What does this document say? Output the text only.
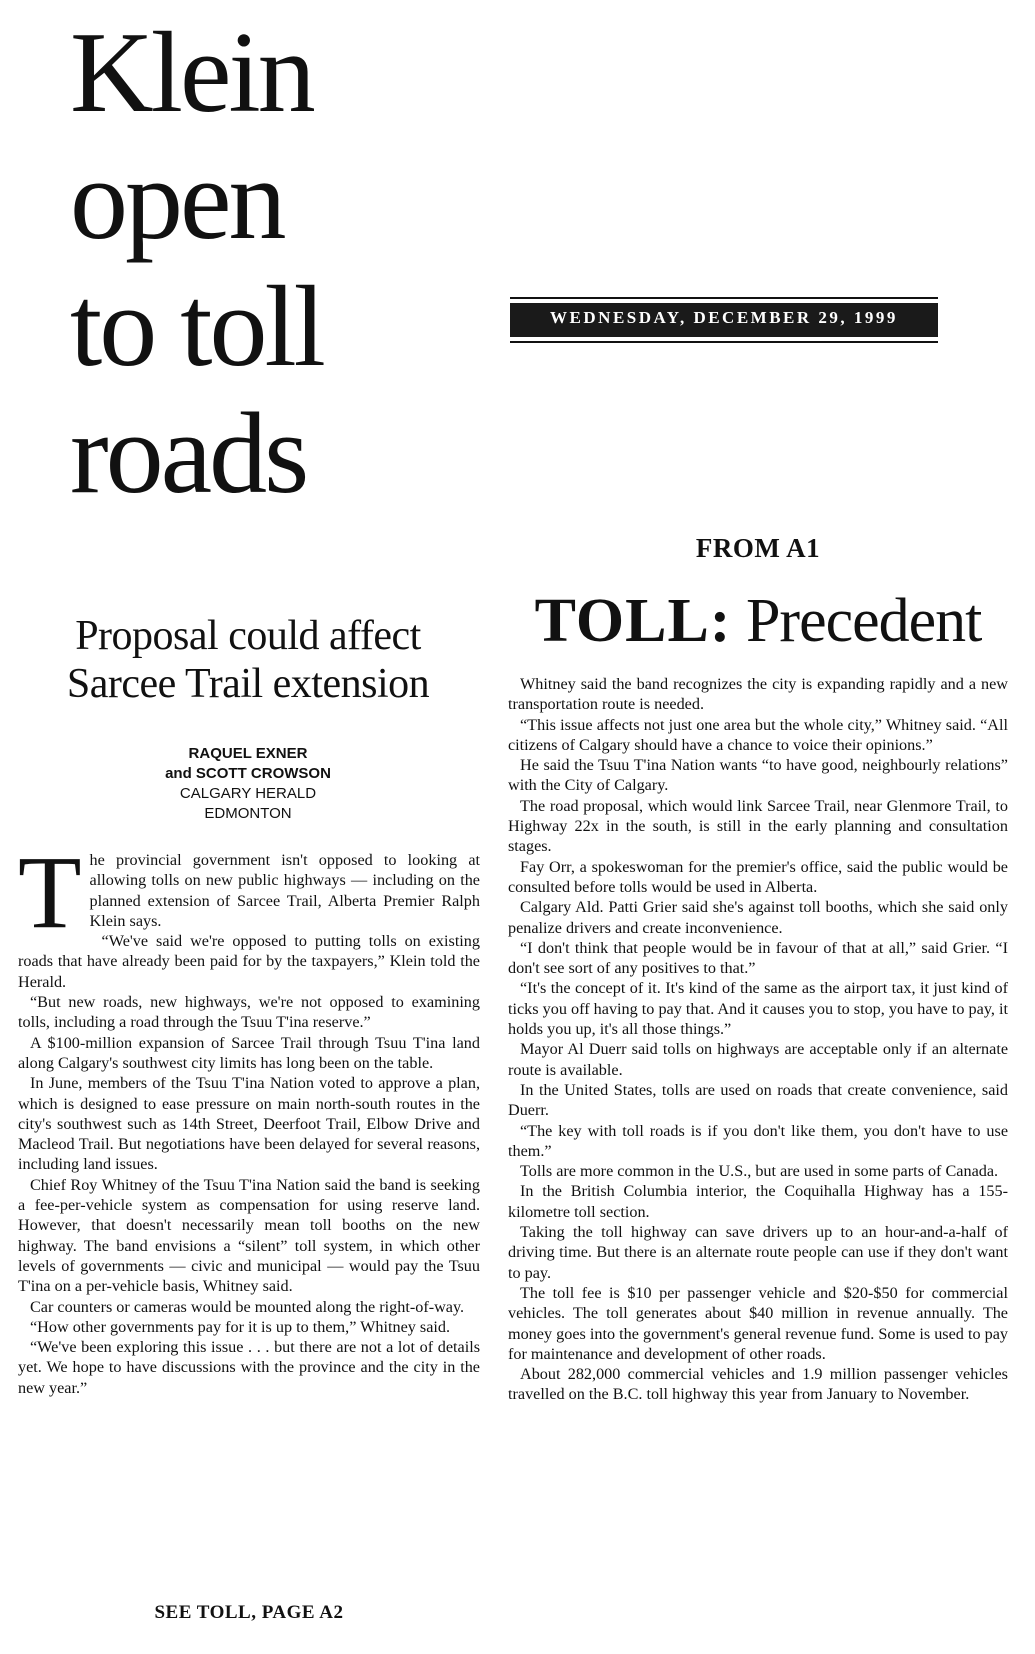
Klein
open
to toll
roads
Proposal could affect
Sarcee Trail extension
RAQUEL EXNER
and SCOTT CROWSON
CALGARY HERALD
EDMONTON

The provincial government isn't opposed to looking at allowing tolls on new public highways — including on the planned extension of Sarcee Trail, Alberta Premier Ralph Klein says.

“We've said we're opposed to putting tolls on existing roads that have already been paid for by the taxpayers,” Klein told the Herald.

“But new roads, new highways, we're not opposed to examining tolls, including a road through the Tsuu T'ina reserve.”

A $100-million expansion of Sarcee Trail through Tsuu T'ina land along Calgary's southwest city limits has long been on the table.

In June, members of the Tsuu T'ina Nation voted to approve a plan, which is designed to ease pressure on main north-south routes in the city's southwest such as 14th Street, Deerfoot Trail, Elbow Drive and Macleod Trail. But negotiations have been delayed for several reasons, including land issues.

Chief Roy Whitney of the Tsuu T'ina Nation said the band is seeking a fee-per-vehicle system as compensation for using reserve land. However, that doesn't necessarily mean toll booths on the new highway. The band envisions a “silent” toll system, in which other levels of governments — civic and municipal — would pay the Tsuu T'ina on a per-vehicle basis, Whitney said.

Car counters or cameras would be mounted along the right-of-way.

“How other governments pay for it is up to them,” Whitney said.

“We've been exploring this issue . . . but there are not a lot of details yet. We hope to have discussions with the province and the city in the new year.”

SEE TOLL, PAGE A2
WEDNESDAY, DECEMBER 29, 1999
FROM A1
TOLL: Precedent

Whitney said the band recognizes the city is expanding rapidly and a new transportation route is needed.

“This issue affects not just one area but the whole city,” Whitney said. “All citizens of Calgary should have a chance to voice their opinions.”

He said the Tsuu T'ina Nation wants “to have good, neighbourly relations” with the City of Calgary.

The road proposal, which would link Sarcee Trail, near Glenmore Trail, to Highway 22x in the south, is still in the early planning and consultation stages.

Fay Orr, a spokeswoman for the premier's office, said the public would be consulted before tolls would be used in Alberta.

Calgary Ald. Patti Grier said she's against toll booths, which she said only penalize drivers and create inconvenience.

“I don't think that people would be in favour of that at all,” said Grier. “I don't see sort of any positives to that.”

“It's the concept of it. It's kind of the same as the airport tax, it just kind of ticks you off having to pay that. And it causes you to stop, you have to pay, it holds you up, it's all those things.”

Mayor Al Duerr said tolls on highways are acceptable only if an alternate route is available.

In the United States, tolls are used on roads that create convenience, said Duerr.

“The key with toll roads is if you don't like them, you don't have to use them.”

Tolls are more common in the U.S., but are used in some parts of Canada.

In the British Columbia interior, the Coquihalla Highway has a 155-kilometre toll section.

Taking the toll highway can save drivers up to an hour-and-a-half of driving time. But there is an alternate route people can use if they don't want to pay.

The toll fee is $10 per passenger vehicle and $20-$50 for commercial vehicles. The toll generates about $40 million in revenue annually. The money goes into the government's general revenue fund. Some is used to pay for maintenance and development of other roads.

About 282,000 commercial vehicles and 1.9 million passenger vehicles travelled on the B.C. toll highway this year from January to November.
